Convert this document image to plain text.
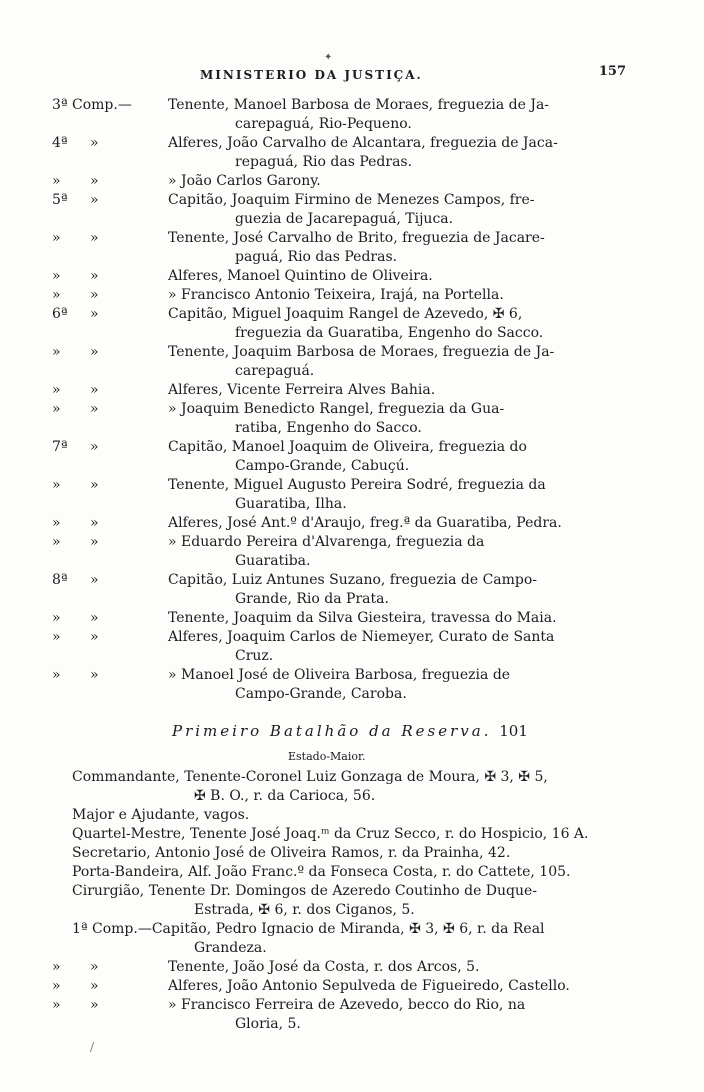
✦
MINISTERIO DA JUSTIÇA.	157
3ª Comp.—	Tenente, Manoel Barbosa de Moraes, freguezia de Ja-
carepaguá, Rio-Pequeno.
4ª	»	Alferes, João Carvalho de Alcantara, freguezia de Jaca-
repaguá, Rio das Pedras.
»	»	» João Carlos Garony.
5ª	»	Capitão, Joaquim Firmino de Menezes Campos, fre-
guezia de Jacarepaguá, Tijuca.
»	»	Tenente, José Carvalho de Brito, freguezia de Jacare-
paguá, Rio das Pedras.
»	»	Alferes, Manoel Quintino de Oliveira.
»	»	» Francisco Antonio Teixeira, Irajá, na Portella.
6ª	»	Capitão, Miguel Joaquim Rangel de Azevedo, ✠ 6,
freguezia da Guaratiba, Engenho do Sacco.
»	»	Tenente, Joaquim Barbosa de Moraes, freguezia de Ja-
carepaguá.
»	»	Alferes, Vicente Ferreira Alves Bahia.
»	»	» Joaquim Benedicto Rangel, freguezia da Gua-
ratiba, Engenho do Sacco.
7ª	»	Capitão, Manoel Joaquim de Oliveira, freguezia do
Campo-Grande, Cabuçú.
»	»	Tenente, Miguel Augusto Pereira Sodré, freguezia da
Guaratiba, Ilha.
»	»	Alferes, José Ant.º d'Araujo, freg.ª da Guaratiba, Pedra.
»	»	» Eduardo Pereira d'Alvarenga, freguezia da
Guaratiba.
8ª	»	Capitão, Luiz Antunes Suzano, freguezia de Campo-
Grande, Rio da Prata.
»	»	Tenente, Joaquim da Silva Giesteira, travessa do Maia.
»	»	Alferes, Joaquim Carlos de Niemeyer, Curato de Santa
Cruz.
»	»	» Manoel José de Oliveira Barbosa, freguezia de
Campo-Grande, Caroba.
Primeiro Batalhão da Reserva. 101
Estado-Maior.
Commandante, Tenente-Coronel Luiz Gonzaga de Moura, ✠ 3, ✠ 5,
✠ B. O., r. da Carioca, 56.
Major e Ajudante, vagos.
Quartel-Mestre, Tenente José Joaq.ᵐ da Cruz Secco, r. do Hospicio, 16 A.
Secretario, Antonio José de Oliveira Ramos, r. da Prainha, 42.
Porta-Bandeira, Alf. João Franc.º da Fonseca Costa, r. do Cattete, 105.
Cirurgião, Tenente Dr. Domingos de Azeredo Coutinho de Duque-
Estrada, ✠ 6, r. dos Ciganos, 5.
1ª Comp.—Capitão, Pedro Ignacio de Miranda, ✠ 3, ✠ 6, r. da Real
Grandeza.
»	»	Tenente, João José da Costa, r. dos Arcos, 5.
»	»	Alferes, João Antonio Sepulveda de Figueiredo, Castello.
»	»	» Francisco Ferreira de Azevedo, becco do Rio, na
Gloria, 5.
/
